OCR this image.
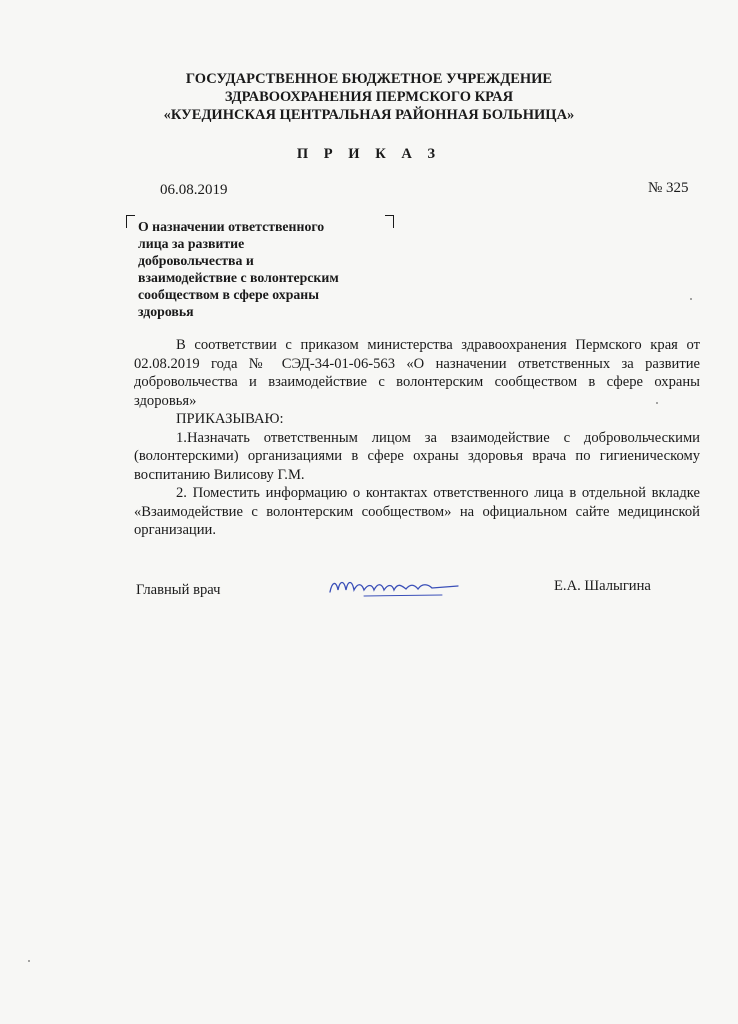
ГОСУДАРСТВЕННОЕ БЮДЖЕТНОЕ УЧРЕЖДЕНИЕ
ЗДРАВООХРАНЕНИЯ ПЕРМСКОГО КРАЯ
«КУЕДИНСКАЯ ЦЕНТРАЛЬНАЯ РАЙОННАЯ БОЛЬНИЦА»
П Р И К А З
06.08.2019	№ 325
О назначении ответственного
лица за развитие
добровольчества и
взаимодействие с волонтерским
сообществом в сфере охраны
здоровья

В соответствии с приказом министерства здравоохранения Пермского края от 02.08.2019 года № СЭД-34-01-06-563 «О назначении ответственных за развитие добровольчества и взаимодействие с волонтерским сообществом в сфере охраны здоровья»

ПРИКАЗЫВАЮ:

1.Назначать ответственным лицом за взаимодействие с добровольческими (волонтерскими) организациями в сфере охраны здоровья врача по гигиеническому воспитанию Вилисову Г.М.

2. Поместить информацию о контактах ответственного лица в отдельной вкладке «Взаимодействие с волонтерским сообществом» на официальном сайте медицинской организации.

Главный врач	Е.А. Шалыгина
